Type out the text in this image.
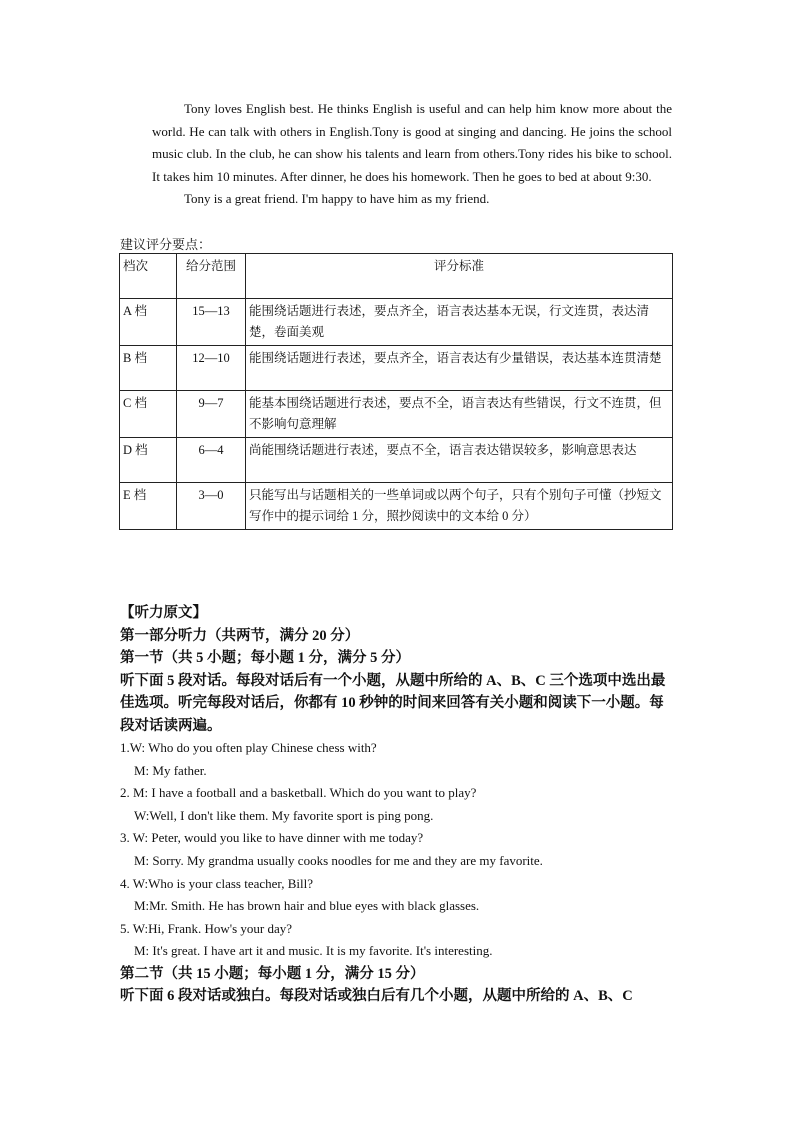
Tony loves English best. He thinks English is useful and can help him know more about the world. He can talk with others in English.Tony is good at singing and dancing. He joins the school music club. In the club, he can show his talents and learn from others.Tony rides his bike to school. It takes him 10 minutes. After dinner, he does his homework. Then he goes to bed at about 9:30.

Tony is a great friend. I'm happy to have him as my friend.

建议评分要点：
档次	给分范围	评分标准
A 档	15—13	能围绕话题进行表述，要点齐全，语言表达基本无误，行文连贯，表达清楚，卷面美观
B 档	12—10	能围绕话题进行表述，要点齐全，语言表达有少量错误，表达基本连贯清楚
C 档	9—7	能基本围绕话题进行表述，要点不全，语言表达有些错误，行文不连贯，但不影响句意理解
D 档	6—4	尚能围绕话题进行表述，要点不全，语言表达错误较多，影响意思表达
E 档	3—0	只能写出与话题相关的一些单词或以两个句子，只有个别句子可懂（抄短文写作中的提示词给 1 分，照抄阅读中的文本给 0 分）

【听力原文】

第一部分听力（共两节，满分 20 分）

第一节（共 5 小题；每小题 1 分，满分 5 分）

听下面 5 段对话。每段对话后有一个小题，从题中所给的 A、B、C 三个选项中选出最佳选项。听完每段对话后，你都有 10 秒钟的时间来回答有关小题和阅读下一小题。每段对话读两遍。

1.W: Who do you often play Chinese chess with?

M: My father.

2. M: I have a football and a basketball. Which do you want to play?

W:Well, I don't like them. My favorite sport is ping pong.

3. W: Peter, would you like to have dinner with me today?

M: Sorry. My grandma usually cooks noodles for me and they are my favorite.

4. W:Who is your class teacher, Bill?

M:Mr. Smith. He has brown hair and blue eyes with black glasses.

5. W:Hi, Frank. How's your day?

M: It's great. I have art it and music. It is my favorite. It's interesting.

第二节（共 15 小题；每小题 1 分，满分 15 分）

听下面 6 段对话或独白。每段对话或独白后有几个小题，从题中所给的 A、B、C
